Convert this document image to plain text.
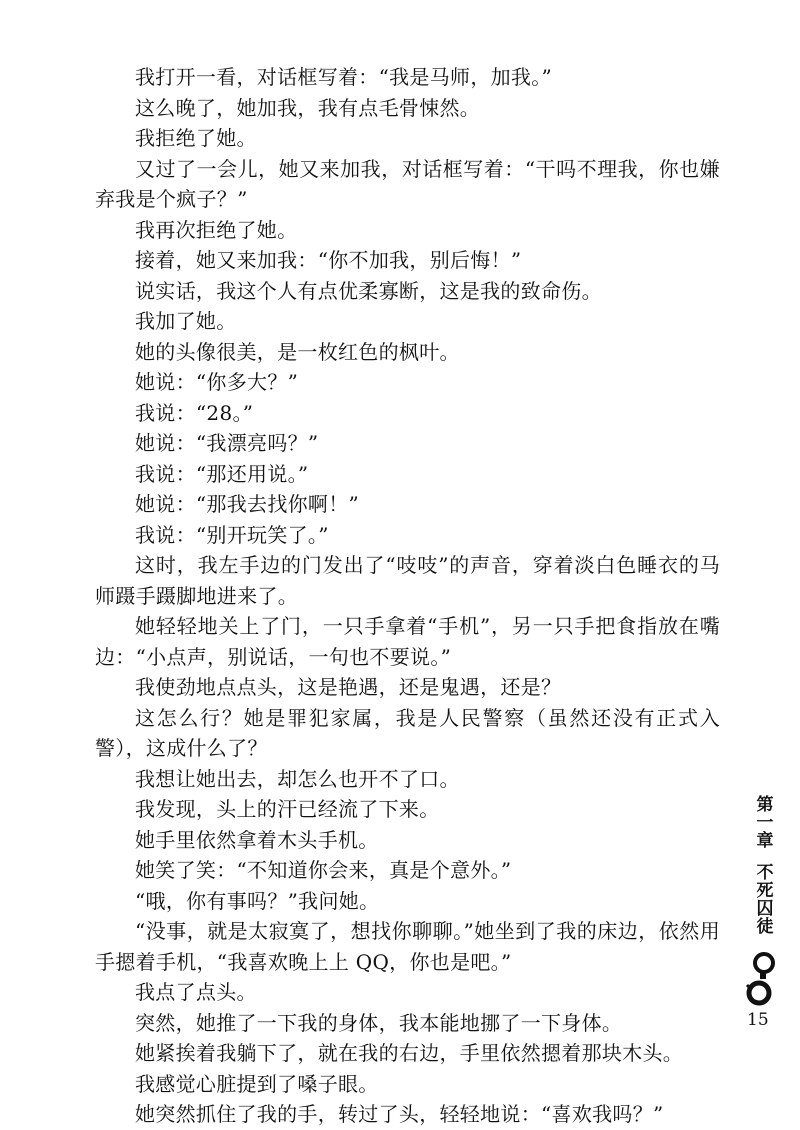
我打开一看，对话框写着：“我是马师，加我。”

这么晚了，她加我，我有点毛骨悚然。

我拒绝了她。

又过了一会儿，她又来加我，对话框写着：“干吗不理我，你也嫌弃我是个疯子？”

我再次拒绝了她。

接着，她又来加我：“你不加我，别后悔！”

说实话，我这个人有点优柔寡断，这是我的致命伤。

我加了她。

她的头像很美，是一枚红色的枫叶。

她说：“你多大？”

我说：“28。”

她说：“我漂亮吗？”

我说：“那还用说。”

她说：“那我去找你啊！”

我说：“别开玩笑了。”

这时，我左手边的门发出了“吱吱”的声音，穿着淡白色睡衣的马师蹑手蹑脚地进来了。

她轻轻地关上了门，一只手拿着“手机”，另一只手把食指放在嘴边：“小点声，别说话，一句也不要说。”

我使劲地点点头，这是艳遇，还是鬼遇，还是？

这怎么行？她是罪犯家属，我是人民警察（虽然还没有正式入警），这成什么了？

我想让她出去，却怎么也开不了口。

我发现，头上的汗已经流了下来。

她手里依然拿着木头手机。

她笑了笑：“不知道你会来，真是个意外。”

“哦，你有事吗？”我问她。

“没事，就是太寂寞了，想找你聊聊。”她坐到了我的床边，依然用手摁着手机，“我喜欢晚上上 QQ，你也是吧。”

我点了点头。

突然，她推了一下我的身体，我本能地挪了一下身体。

她紧挨着我躺下了，就在我的右边，手里依然摁着那块木头。

我感觉心脏提到了嗓子眼。

她突然抓住了我的手，转过了头，轻轻地说：“喜欢我吗？”

第一章
不死囚徒
15
